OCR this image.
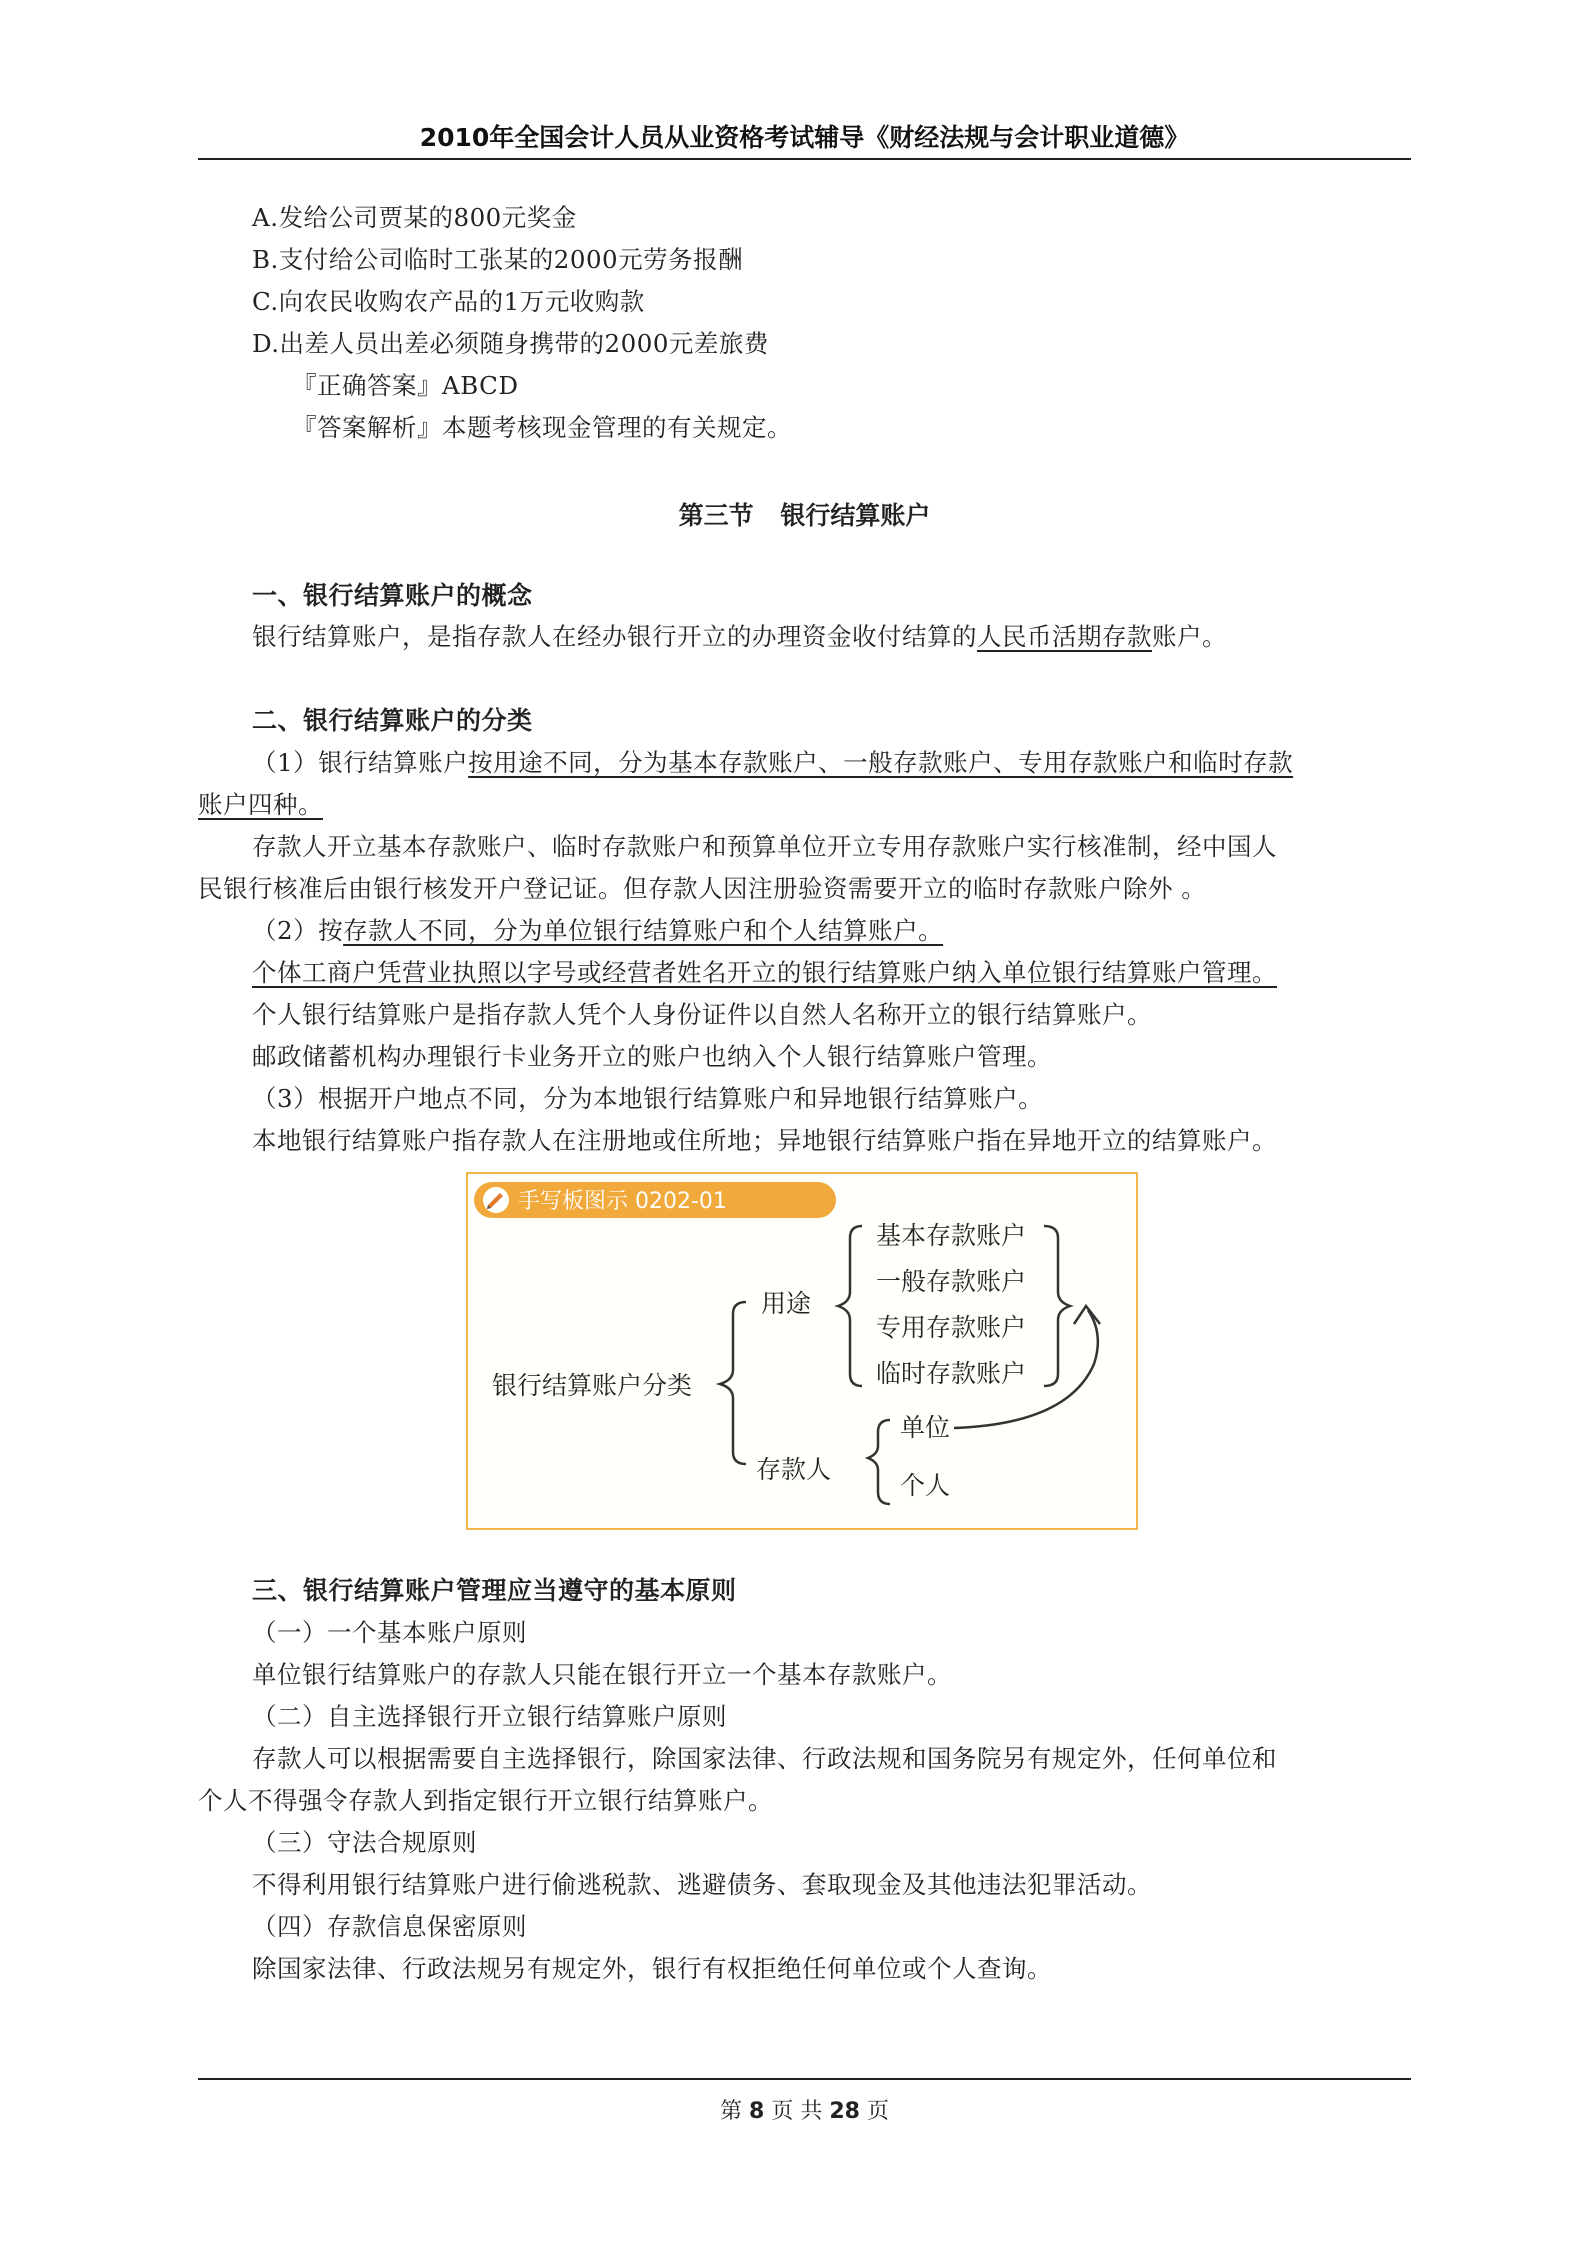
2010年全国会计人员从业资格考试辅导《财经法规与会计职业道德》
A.发给公司贾某的800元奖金
B.支付给公司临时工张某的2000元劳务报酬
C.向农民收购农产品的1万元收购款
D.出差人员出差必须随身携带的2000元差旅费
『正确答案』ABCD
『答案解析』本题考核现金管理的有关规定。
第三节 银行结算账户
一、银行结算账户的概念
银行结算账户，是指存款人在经办银行开立的办理资金收付结算的人民币活期存款账户。
二、银行结算账户的分类
（1）银行结算账户按用途不同，分为基本存款账户、一般存款账户、专用存款账户和临时存款
账户四种。
存款人开立基本存款账户、临时存款账户和预算单位开立专用存款账户实行核准制，经中国人
民银行核准后由银行核发开户登记证。但存款人因注册验资需要开立的临时存款账户除外 。
（2）按存款人不同，分为单位银行结算账户和个人结算账户。
个体工商户凭营业执照以字号或经营者姓名开立的银行结算账户纳入单位银行结算账户管理。
个人银行结算账户是指存款人凭个人身份证件以自然人名称开立的银行结算账户。
邮政储蓄机构办理银行卡业务开立的账户也纳入个人银行结算账户管理。
（3）根据开户地点不同，分为本地银行结算账户和异地银行结算账户。
本地银行结算账户指存款人在注册地或住所地；异地银行结算账户指在异地开立的结算账户。
手写板图示 0202-01
银行结算账户分类
用途
存款人
基本存款账户
一般存款账户
专用存款账户
临时存款账户
单位
个人
三、银行结算账户管理应当遵守的基本原则
（一）一个基本账户原则
单位银行结算账户的存款人只能在银行开立一个基本存款账户。
（二）自主选择银行开立银行结算账户原则
存款人可以根据需要自主选择银行，除国家法律、行政法规和国务院另有规定外，任何单位和
个人不得强令存款人到指定银行开立银行结算账户。
（三）守法合规原则
不得利用银行结算账户进行偷逃税款、逃避债务、套取现金及其他违法犯罪活动。
（四）存款信息保密原则
除国家法律、行政法规另有规定外，银行有权拒绝任何单位或个人查询。
第 8 页 共 28 页
